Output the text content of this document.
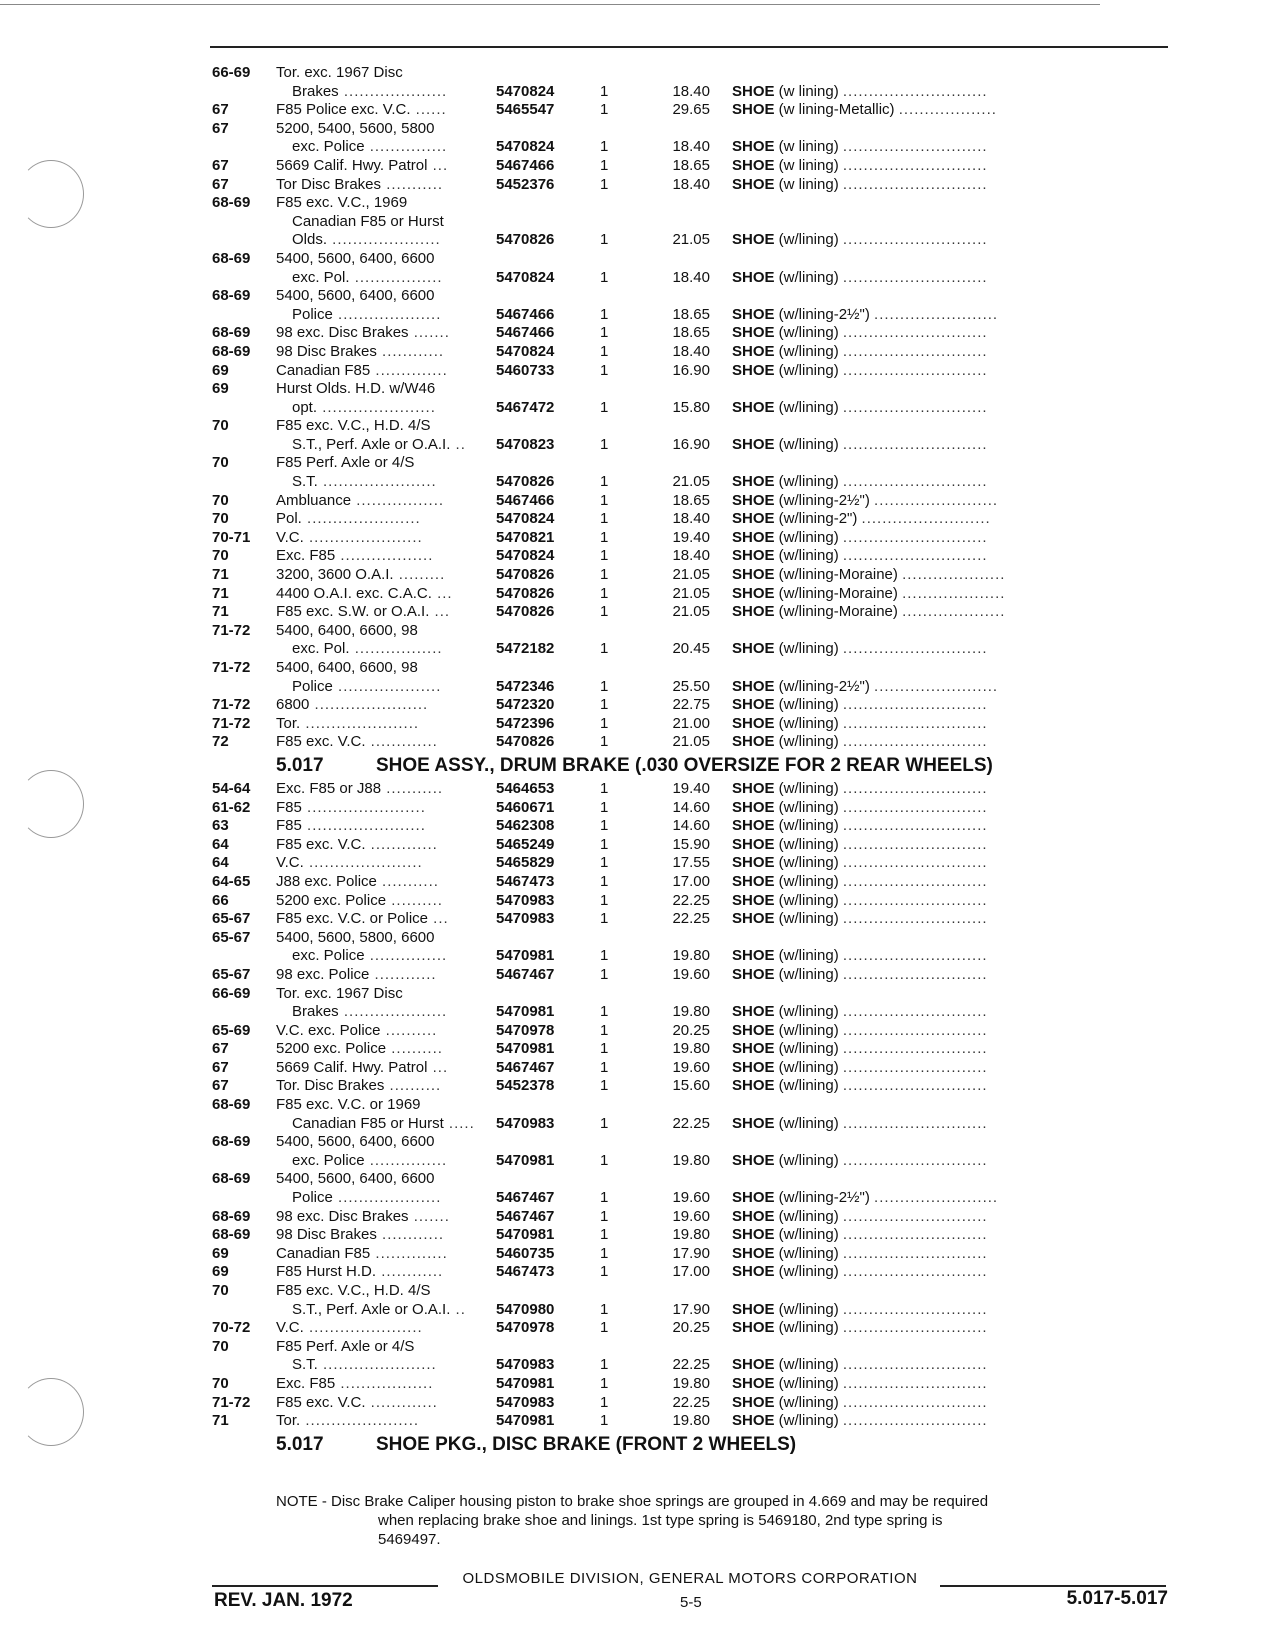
66-69 Tor. exc. 1967 Disc
Brakes ....................	5470824	1	18.40 SHOE (w lining) ............................
67	F85 Police exc. V.C. ......	5465547	1	29.65 SHOE (w lining-Metallic) ...................
67	5200, 5400, 5600, 5800
exc. Police ...............	5470824	1	18.40 SHOE (w lining) ............................
67	5669 Calif. Hwy. Patrol ...	5467466	1	18.65 SHOE (w lining) ............................
67	Tor Disc Brakes ...........	5452376	1	18.40 SHOE (w lining) ............................
68-69 F85 exc. V.C., 1969
Canadian F85 or Hurst
Olds. .....................	5470826	1	21.05 SHOE (w/lining) ............................
68-69 5400, 5600, 6400, 6600
exc. Pol. .................	5470824	1	18.40 SHOE (w/lining) ............................
68-69 5400, 5600, 6400, 6600
Police ....................	5467466	1	18.65 SHOE (w/lining-2½") ........................
68-69 98 exc. Disc Brakes .......	5467466	1	18.65 SHOE (w/lining) ............................
68-69 98 Disc Brakes ............	5470824	1	18.40 SHOE (w/lining) ............................
69	Canadian F85 ..............	5460733	1	16.90 SHOE (w/lining) ............................
69	Hurst Olds. H.D. w/W46
opt. ......................	5467472	1	15.80 SHOE (w/lining) ............................
70	F85 exc. V.C., H.D. 4/S
S.T., Perf. Axle or O.A.I. .. 5470823	1	16.90 SHOE (w/lining) ............................
70	F85 Perf. Axle or 4/S
S.T. ......................	5470826	1	21.05 SHOE (w/lining) ............................
70	Ambluance .................	5467466	1	18.65 SHOE (w/lining-2½") ........................
70	Pol. ......................	5470824	1	18.40 SHOE (w/lining-2") .........................
70-71 V.C. ......................	5470821	1	19.40 SHOE (w/lining) ............................
70	Exc. F85 ..................	5470824	1	18.40 SHOE (w/lining) ............................
71	3200, 3600 O.A.I. .........	5470826	1	21.05 SHOE (w/lining-Moraine) ....................
71	4400 O.A.I. exc. C.A.C. ...	5470826	1	21.05 SHOE (w/lining-Moraine) ....................
71	F85 exc. S.W. or O.A.I. ...	5470826	1	21.05 SHOE (w/lining-Moraine) ....................
71-72 5400, 6400, 6600, 98
exc. Pol. .................	5472182	1	20.45 SHOE (w/lining) ............................
71-72 5400, 6400, 6600, 98
Police ....................	5472346	1	25.50 SHOE (w/lining-2½") ........................
71-72 6800 ......................	5472320	1	22.75 SHOE (w/lining) ............................
71-72 Tor. ......................	5472396	1	21.00 SHOE (w/lining) ............................
72	F85 exc. V.C. .............	5470826	1	21.05 SHOE (w/lining) ............................
5.017	SHOE ASSY., DRUM BRAKE (.030 OVERSIZE FOR 2 REAR WHEELS)
54-64 Exc. F85 or J88 ...........	5464653	1	19.40 SHOE (w/lining) ............................
61-62 F85 .......................	5460671	1	14.60 SHOE (w/lining) ............................
63	F85 .......................	5462308	1	14.60 SHOE (w/lining) ............................
64	F85 exc. V.C. .............	5465249	1	15.90 SHOE (w/lining) ............................
64	V.C. ......................	5465829	1	17.55 SHOE (w/lining) ............................
64-65 J88 exc. Police ...........	5467473	1	17.00 SHOE (w/lining) ............................
66	5200 exc. Police ..........	5470983	1	22.25 SHOE (w/lining) ............................
65-67 F85 exc. V.C. or Police ...	5470983	1	22.25 SHOE (w/lining) ............................
65-67 5400, 5600, 5800, 6600
exc. Police ...............	5470981	1	19.80 SHOE (w/lining) ............................
65-67 98 exc. Police ............	5467467	1	19.60 SHOE (w/lining) ............................
66-69 Tor. exc. 1967 Disc
Brakes ....................	5470981	1	19.80 SHOE (w/lining) ............................
65-69 V.C. exc. Police ..........	5470978	1	20.25 SHOE (w/lining) ............................
67	5200 exc. Police ..........	5470981	1	19.80 SHOE (w/lining) ............................
67	5669 Calif. Hwy. Patrol ...	5467467	1	19.60 SHOE (w/lining) ............................
67	Tor. Disc Brakes ..........	5452378	1	15.60 SHOE (w/lining) ............................
68-69 F85 exc. V.C. or 1969
Canadian F85 or Hurst ..... 5470983	1	22.25 SHOE (w/lining) ............................
68-69 5400, 5600, 6400, 6600
exc. Police ...............	5470981	1	19.80 SHOE (w/lining) ............................
68-69 5400, 5600, 6400, 6600
Police ....................	5467467	1	19.60 SHOE (w/lining-2½") ........................
68-69 98 exc. Disc Brakes .......	5467467	1	19.60 SHOE (w/lining) ............................
68-69 98 Disc Brakes ............	5470981	1	19.80 SHOE (w/lining) ............................
69	Canadian F85 ..............	5460735	1	17.90 SHOE (w/lining) ............................
69	F85 Hurst H.D. ............	5467473	1	17.00 SHOE (w/lining) ............................
70	F85 exc. V.C., H.D. 4/S
S.T., Perf. Axle or O.A.I. .. 5470980	1	17.90 SHOE (w/lining) ............................
70-72 V.C. ......................	5470978	1	20.25 SHOE (w/lining) ............................
70	F85 Perf. Axle or 4/S
S.T. ......................	5470983	1	22.25 SHOE (w/lining) ............................
70	Exc. F85 ..................	5470981	1	19.80 SHOE (w/lining) ............................
71-72 F85 exc. V.C. .............	5470983	1	22.25 SHOE (w/lining) ............................
71	Tor. ......................	5470981	1	19.80 SHOE (w/lining) ............................
5.017	SHOE PKG., DISC BRAKE (FRONT 2 WHEELS)
NOTE - Disc Brake Caliper housing piston to brake shoe springs are grouped in 4.669 and may be required
when replacing brake shoe and linings. 1st type spring is 5469180, 2nd type spring is
5469497.
OLDSMOBILE DIVISION, GENERAL MOTORS CORPORATION
REV. JAN. 1972	5-5	5.017-5.017
